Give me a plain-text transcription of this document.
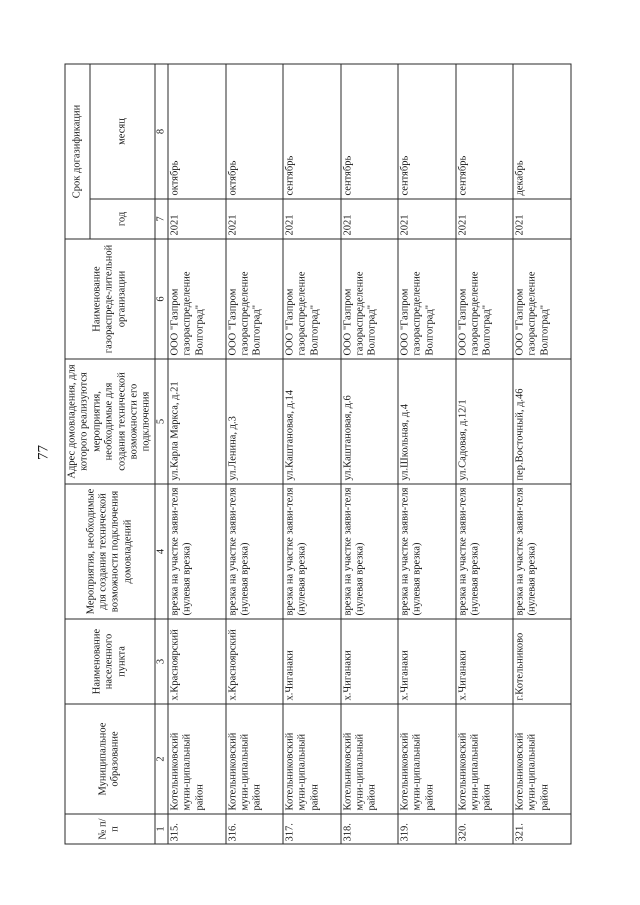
77
№ п/п	Муниципальное образование	Наименование населенного пункта	Мероприятия, необходимые для создания технической возможности подключения домовладений	Адрес домовладения, для которого реализуются мероприятия, необходимые для создания технической возможности его подключения	Наименование газораспреде-лительной организации	Срок догазификации	
						год	месяц
1	2	3	4	5	6	7	8
315.	Котельниковский муни-ципальный район	х.Красноярский	врезка на участке заяви-теля (нулевая врезка)	ул.Карла Маркса, д.21	ООО "Газпром газораспределение Волгоград"	2021	октябрь
316.	Котельниковский муни-ципальный район	х.Красноярский	врезка на участке заяви-теля (нулевая врезка)	ул.Ленина, д.3	ООО "Газпром газораспределение Волгоград"	2021	октябрь
317.	Котельниковский муни-ципальный район	х.Чиганаки	врезка на участке заяви-теля (нулевая врезка)	ул.Каштановая, д.14	ООО "Газпром газораспределение Волгоград"	2021	сентябрь
318.	Котельниковский муни-ципальный район	х.Чиганаки	врезка на участке заяви-теля (нулевая врезка)	ул.Каштановая, д.6	ООО "Газпром газораспределение Волгоград"	2021	сентябрь
319.	Котельниковский муни-ципальный район	х.Чиганаки	врезка на участке заяви-теля (нулевая врезка)	ул.Школьная, д.4	ООО "Газпром газораспределение Волгоград"	2021	сентябрь
320.	Котельниковский муни-ципальный район	х.Чиганаки	врезка на участке заяви-теля (нулевая врезка)	ул.Садовая, д.12/1	ООО "Газпром газораспределение Волгоград"	2021	сентябрь
321.	Котельниковский муни-ципальный район	г.Котельниково	врезка на участке заяви-теля (нулевая врезка)	пер.Восточный, д.46	ООО "Газпром газораспределение Волгоград"	2021	декабрь
